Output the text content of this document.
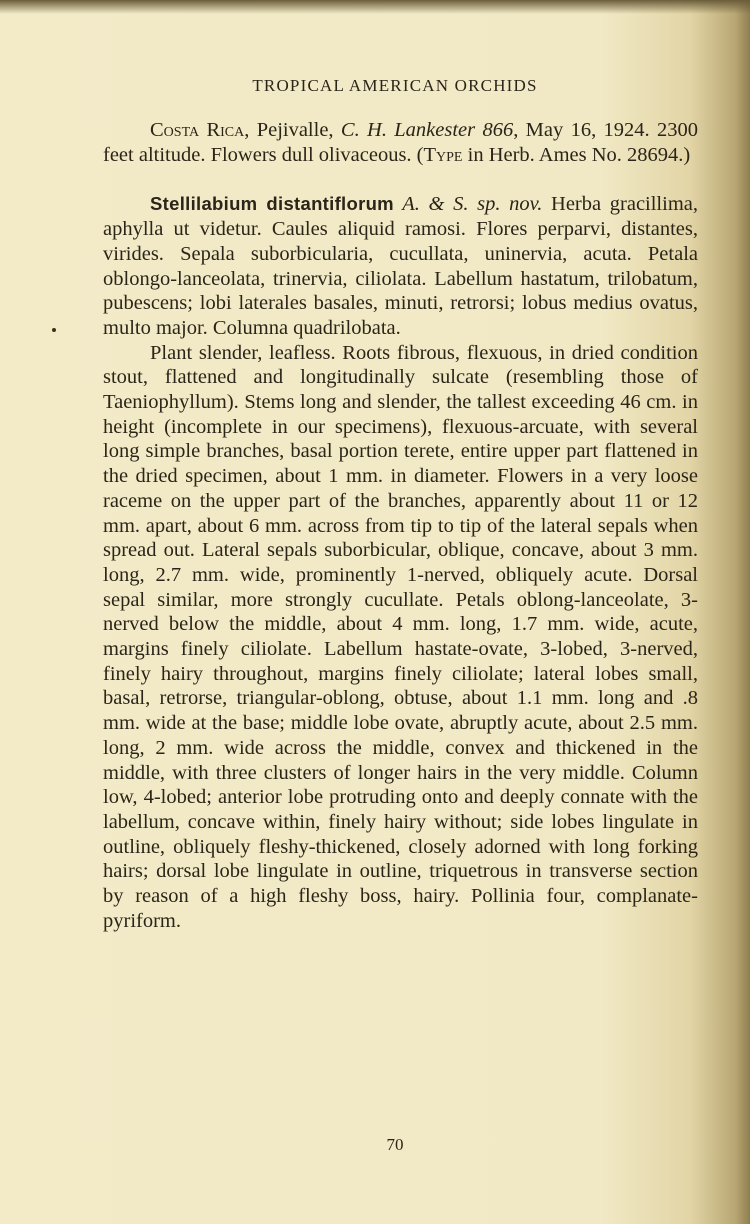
TROPICAL AMERICAN ORCHIDS

Costa Rica, Pejivalle, C. H. Lankester 866, May 16, 1924. 2300 feet altitude. Flowers dull olivaceous. (Type in Herb. Ames No. 28694.)

Stellilabium distantiflorum A. & S. sp. nov. Herba gracillima, aphylla ut videtur. Caules aliquid ramosi. Flores perparvi, distantes, virides. Sepala suborbicularia, cucullata, uninervia, acuta. Petala oblongo-lanceolata, trinervia, ciliolata. Labellum hastatum, trilobatum, pubescens; lobi laterales basales, minuti, retrorsi; lobus medius ovatus, multo major. Columna quadrilobata.

Plant slender, leafless. Roots fibrous, flexuous, in dried condition stout, flattened and longitudinally sulcate (resembling those of Taeniophyllum). Stems long and slender, the tallest exceeding 46 cm. in height (incomplete in our specimens), flexuous-arcuate, with several long simple branches, basal portion terete, entire upper part flattened in the dried specimen, about 1 mm. in diameter. Flowers in a very loose raceme on the upper part of the branches, apparently about 11 or 12 mm. apart, about 6 mm. across from tip to tip of the lateral sepals when spread out. Lateral sepals suborbicular, oblique, concave, about 3 mm. long, 2.7 mm. wide, prominently 1-nerved, obliquely acute. Dorsal sepal similar, more strongly cucullate. Petals oblong-lanceolate, 3-nerved below the middle, about 4 mm. long, 1.7 mm. wide, acute, margins finely ciliolate. Labellum hastate-ovate, 3-lobed, 3-nerved, finely hairy throughout, margins finely ciliolate; lateral lobes small, basal, retrorse, triangular-oblong, obtuse, about 1.1 mm. long and .8 mm. wide at the base; middle lobe ovate, abruptly acute, about 2.5 mm. long, 2 mm. wide across the middle, convex and thickened in the middle, with three clusters of longer hairs in the very middle. Column low, 4-lobed; anterior lobe protruding onto and deeply connate with the labellum, concave within, finely hairy without; side lobes lingulate in outline, obliquely fleshy-thickened, closely adorned with long forking hairs; dorsal lobe lingulate in outline, triquetrous in transverse section by reason of a high fleshy boss, hairy. Pollinia four, complanate-pyriform.

70
